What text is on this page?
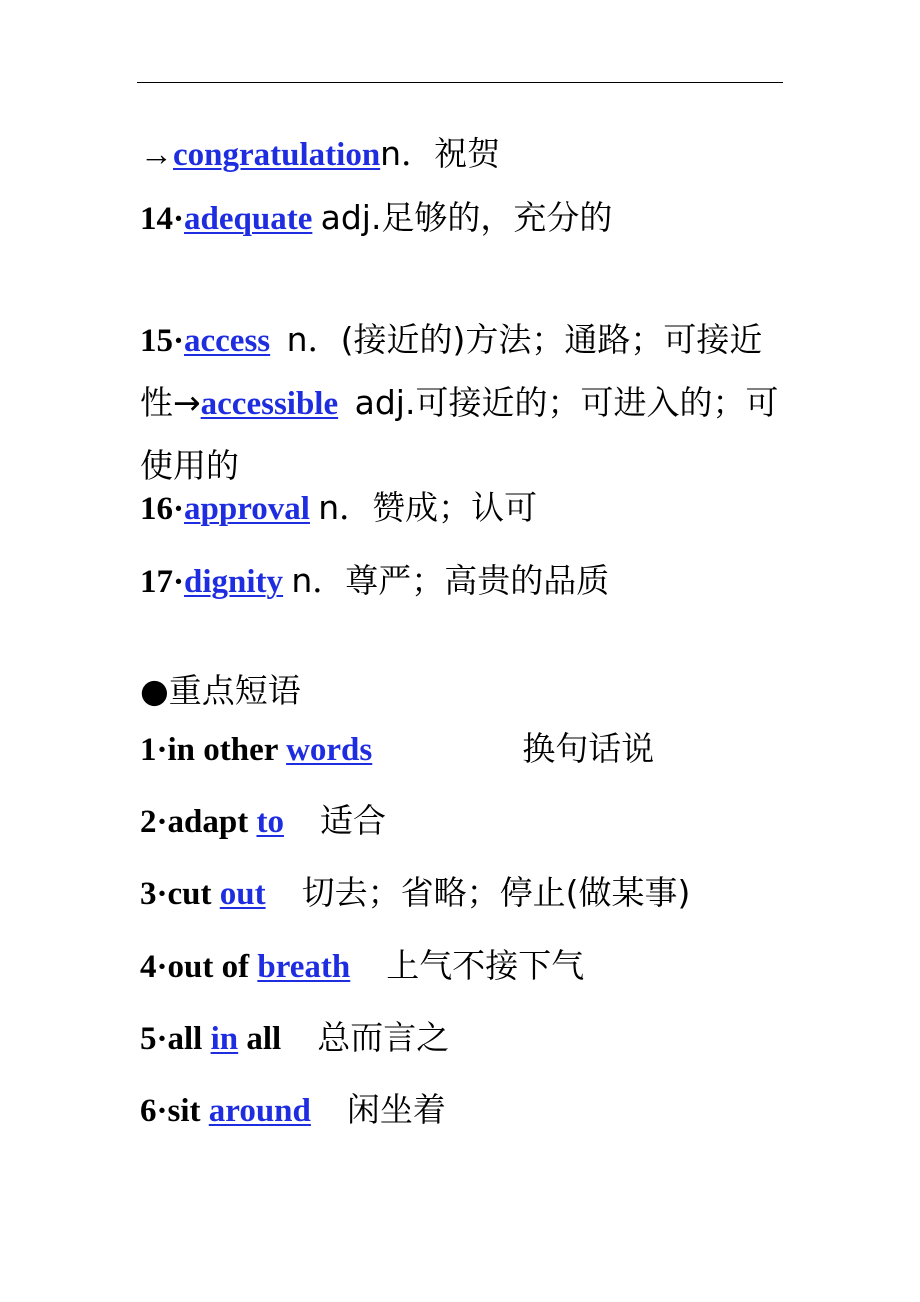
→congratulationn．祝贺
14·adequate adj.足够的，充分的
15·access n．(接近的)方法；通路；可接近性→accessible adj.可接近的；可进入的；可使用的
16·approval n．赞成；认可
17·dignity n．尊严；高贵的品质
●重点短语
1·in other words	换句话说
2·adapt to 适合
3·cut out 切去；省略；停止(做某事)
4·out of breath 上气不接下气
5·all in all 总而言之
6·sit around 闲坐着
